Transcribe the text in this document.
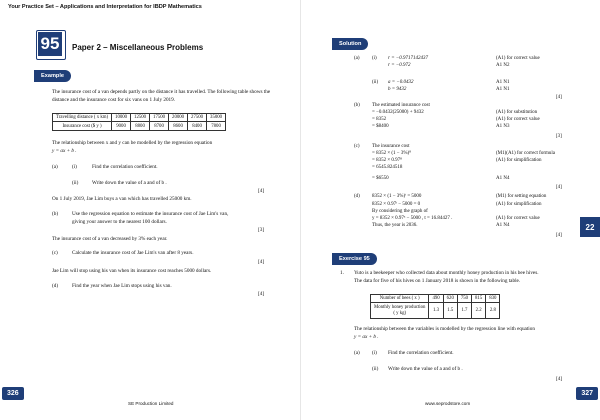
Your Practice Set – Applications and Interpretation for IBDP Mathematics
95	Paper 2 – Miscellaneous Problems
Example
The insurance cost of a van depends partly on the distance it has travelled. The following table shows the distance and the insurance cost for six vans on 1 July 2019.
Travelling distance ( x km)	10000	12500	17500	20000	27500	35000
Insurance cost ($ y )	9000	8800	8700	8600	8400	7800
The relationship between x and y can be modelled by the regression equation
y = ax + b .
(a)	(i)	Find the correlation coefficient.
(ii)	Write down the value of a and of b .
[4]
On 1 July 2019, Jae Lim buys a van which has travelled 25000 km.
(b)	Use the regression equation to estimate the insurance cost of Jae Lim's van,
giving your answer to the nearest 100 dollars.
[3]
The insurance cost of a van decreased by 3% each year.
(c)	Calculate the insurance cost of Jae Lim's van after 8 years.
[4]
Jae Lim will stop using his van when its insurance cost reaches 5000 dollars.
(d)	Find the year when Jae Lim stops using his van.
[4]
326
SE Production Limited
Solution
(a) (i) r = −0.9717142437	(A1) for correct value
r = −0.972	A1 N2
(ii) a = −0.0432	A1 N1
b = 9432	A1 N1
[4]
(b) The estimated insurance cost
= −0.0432(25000) + 9432	(A1) for substitution
= 8352	(A1) for correct value
= $8400	A1 N3
[3]
(c) The insurance cost
= 8352 × (1 − 3%)⁸	(M1)(A1) for correct formula
= 8352 × 0.97⁸	(A1) for simplification
= 6545.824518
= $6550	A1 N4
[4]
(d) 8352 × (1 − 3%)ᵗ = 5000	(M1) for setting equation
8352 × 0.97ᵗ − 5000 = 0	(A1) for simplification
By considering the graph of
y = 8352 × 0.97ˣ − 5000 , t = 16.84427 .	(A1) for correct value
Thus, the year is 2036.	A1 N4
[4]
Exercise 95
1. Yuto is a beekeeper who collected data about monthly honey production in his bee hives.
The data for five of his hives on 1 January 2018 is shown in the following table.
Number of bees ( x )	490	620	750	815	830
Monthly honey production
( y kg)	1.3	1.5	1.7	2.2	2.8
The relationship between the variables is modelled by the regression line with equation
y = ax + b .
(a) (i) Find the correlation coefficient.
(ii) Write down the value of a and of b .
[4]
22
327
www.seprodstore.com
